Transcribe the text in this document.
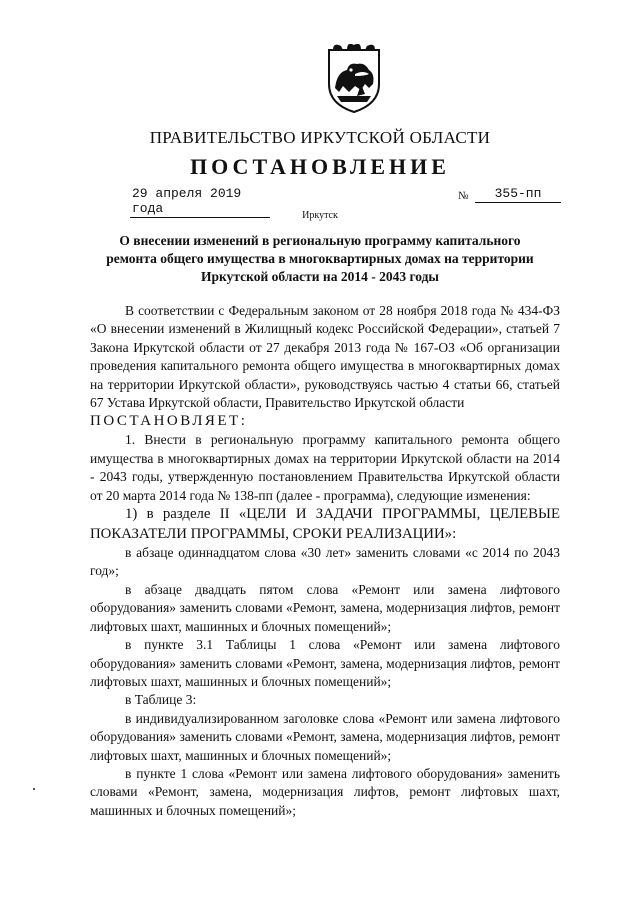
ПРАВИТЕЛЬСТВО ИРКУТСКОЙ ОБЛАСТИ
ПОСТАНОВЛЕНИЕ
29 апреля 2019 года
№	355-пп
Иркутск
О внесении изменений в региональную программу капитального ремонта общего имущества в многоквартирных домах на территории Иркутской области на 2014 - 2043 годы

В соответствии с Федеральным законом от 28 ноября 2018 года № 434-ФЗ «О внесении изменений в Жилищный кодекс Российской Федерации», статьей 7 Закона Иркутской области от 27 декабря 2013 года № 167-ОЗ «Об организации проведения капитального ремонта общего имущества в многоквартирных домах на территории Иркутской области», руководствуясь частью 4 статьи 66, статьей 67 Устава Иркутской области, Правительство Иркутской области

ПОСТАНОВЛЯЕТ:

1. Внести в региональную программу капитального ремонта общего имущества в многоквартирных домах на территории Иркутской области на 2014 - 2043 годы, утвержденную постановлением Правительства Иркутской области от 20 марта 2014 года № 138-пп (далее - программа), следующие изменения:

1) в разделе II «ЦЕЛИ И ЗАДАЧИ ПРОГРАММЫ, ЦЕЛЕВЫЕ ПОКАЗАТЕЛИ ПРОГРАММЫ, СРОКИ РЕАЛИЗАЦИИ»:

в абзаце одиннадцатом слова «30 лет» заменить словами «с 2014 по 2043 год»;

в абзаце двадцать пятом слова «Ремонт или замена лифтового оборудования» заменить словами «Ремонт, замена, модернизация лифтов, ремонт лифтовых шахт, машинных и блочных помещений»;

в пункте 3.1 Таблицы 1 слова «Ремонт или замена лифтового оборудования» заменить словами «Ремонт, замена, модернизация лифтов, ремонт лифтовых шахт, машинных и блочных помещений»;

в Таблице 3:

в индивидуализированном заголовке слова «Ремонт или замена лифтового оборудования» заменить словами «Ремонт, замена, модернизация лифтов, ремонт лифтовых шахт, машинных и блочных помещений»;

в пункте 1 слова «Ремонт или замена лифтового оборудования» заменить словами «Ремонт, замена, модернизация лифтов, ремонт лифтовых шахт, машинных и блочных помещений»;
